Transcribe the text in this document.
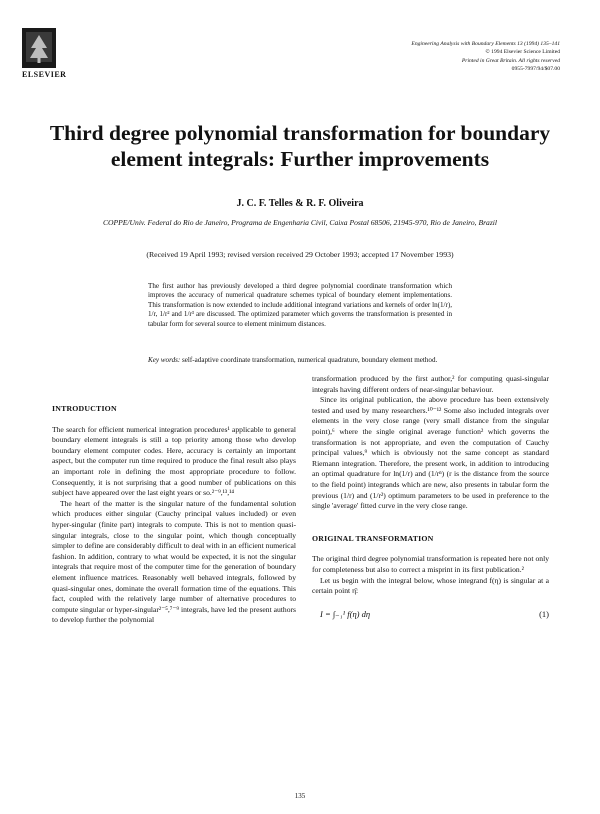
ELSEVIER
Engineering Analysis with Boundary Elements 13 (1994) 135–141
© 1994 Elsevier Science Limited
Printed in Great Britain. All rights reserved
0955-7997/94/$07.00
Third degree polynomial transformation for boundary element integrals: Further improvements
J. C. F. Telles & R. F. Oliveira
COPPE/Univ. Federal do Rio de Janeiro, Programa de Engenharia Civil, Caixa Postal 68506, 21945-970, Rio de Janeiro, Brazil
(Received 19 April 1993; revised version received 29 October 1993; accepted 17 November 1993)

The first author has previously developed a third degree polynomial coordinate transformation which improves the accuracy of numerical quadrature schemes typical of boundary element implementations. This transformation is now extended to include additional integrand variations and kernels of order ln(1/r), 1/r, 1/r² and 1/r³ are discussed. The optimized parameter which governs the transformation is presented in tabular form for several source to element minimum distances.

Key words: self-adaptive coordinate transformation, numerical quadrature, boundary element method.
INTRODUCTION

The search for efficient numerical integration procedures¹ applicable to general boundary element integrals is still a top priority among those who develop boundary element computer codes. Here, accuracy is certainly an important aspect, but the computer run time required to produce the final result also plays an important role in defining the most appropriate procedure to follow. Consequently, it is not surprising that a good number of publications on this subject have appeared over the last eight years or so.²⁻⁹,¹³,¹⁴

The heart of the matter is the singular nature of the fundamental solution which produces either singular (Cauchy principal values included) or even hyper-singular (finite part) integrals to compute. This is not to mention quasi-singular integrals, close to the singular point, which though conceptually simpler to define are considerably difficult to deal with in an efficient numerical fashion. In addition, contrary to what would be expected, it is not the singular integrals that require most of the computer time for the generation of boundary element influence matrices. Reasonably well behaved integrals, followed by quasi-singular ones, dominate the overall formation time of the equations. This fact, coupled with the relatively large number of alternative procedures to compute singular or hyper-singular²⁻⁵,⁷⁻⁹ integrals, have led the present authors to develop further the polynomial

transformation produced by the first author,² for computing quasi-singular integrals having different orders of near-singular behaviour.

Since its original publication, the above procedure has been extensively tested and used by many researchers.¹⁰⁻¹² Some also included integrals over elements in the very close range (very small distance from the singular point),⁶ where the single original average function² which governs the transformation is not appropriate, and even the computation of Cauchy principal values,⁹ which is obviously not the same concept as standard Riemann integration. Therefore, the present work, in addition to introducing an optimal quadrature for ln(1/r) and (1/rⁿ) (r is the distance from the source to the field point) integrands which are new, also presents in tabular form the previous (1/r) and (1/r²) optimum parameters to be used in preference to the single 'average' fitted curve in the very close range.

ORIGINAL TRANSFORMATION

The original third degree polynomial transformation is repeated here not only for completeness but also to correct a misprint in its first publication.²

Let us begin with the integral below, whose integrand f(η) is singular at a certain point η̄:

I = ∫₋₁¹ f(η) dη	(1)
135
